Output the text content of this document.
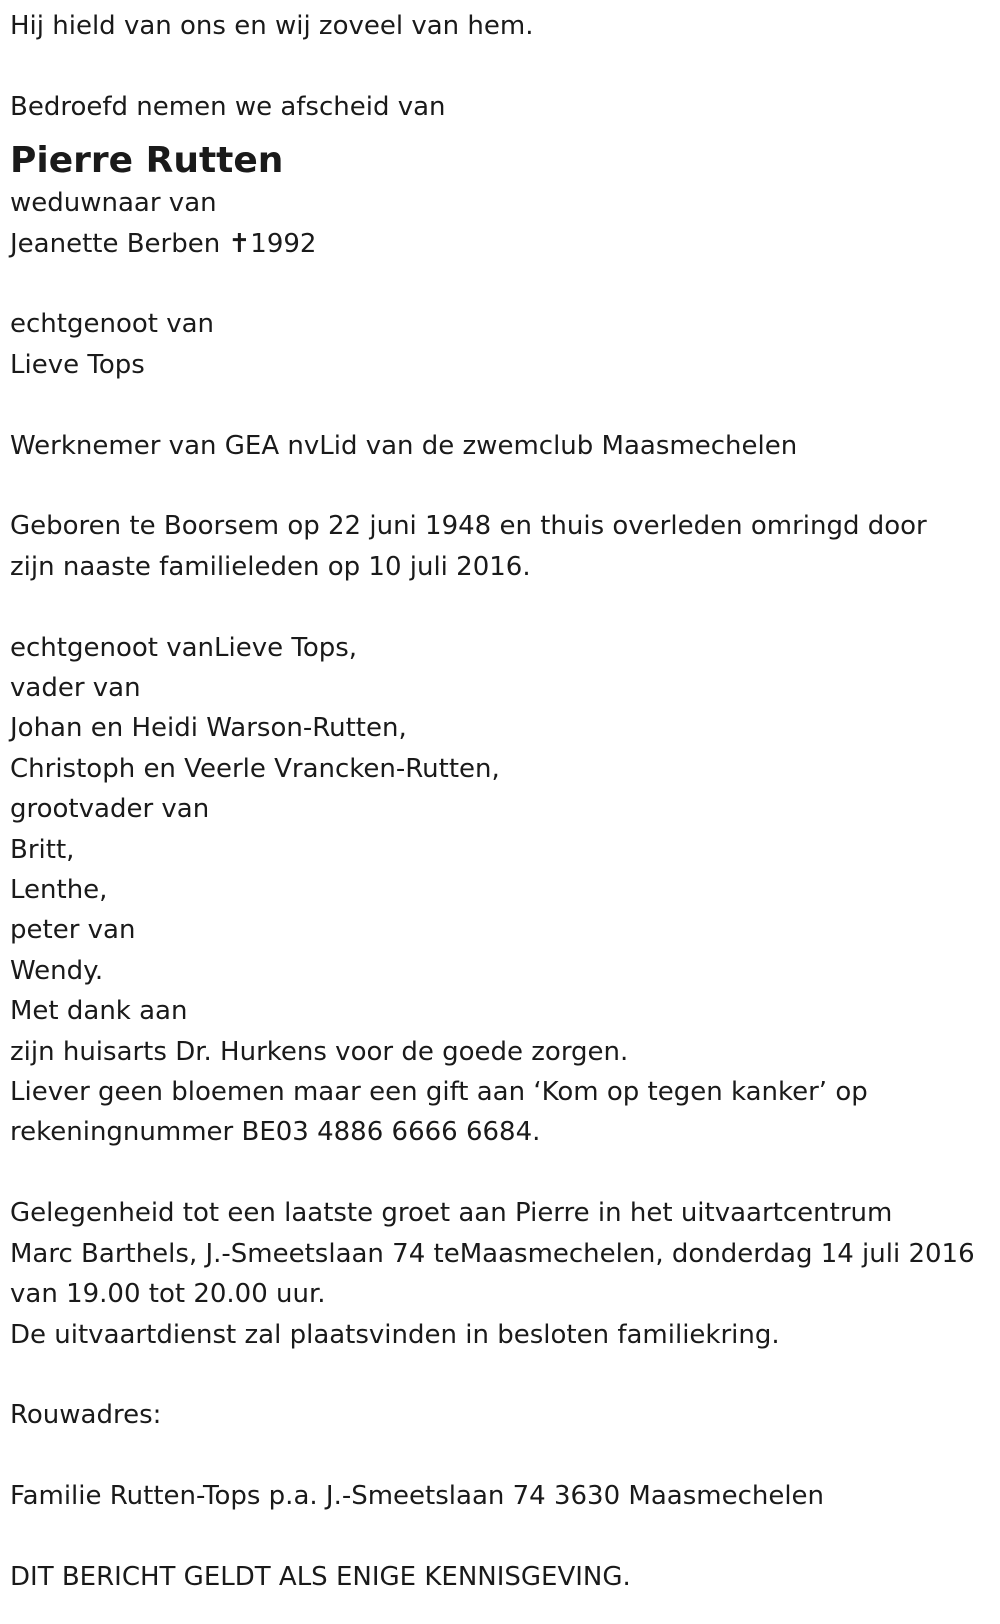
Hij hield van ons en wij zoveel van hem.
Bedroefd nemen we afscheid van
Pierre Rutten
weduwnaar van
Jeanette Berben ✝1992
echtgenoot van
Lieve Tops
Werknemer van GEA nvLid van de zwemclub Maasmechelen
Geboren te Boorsem op 22 juni 1948 en thuis overleden omringd door
zijn naaste familieleden op 10 juli 2016.
echtgenoot vanLieve Tops,
vader van
Johan en Heidi Warson-Rutten,
Christoph en Veerle Vrancken-Rutten,
grootvader van
Britt,
Lenthe,
peter van
Wendy.
Met dank aan
zijn huisarts Dr. Hurkens voor de goede zorgen.
Liever geen bloemen maar een gift aan ‘Kom op tegen kanker’ op
rekeningnummer BE03 4886 6666 6684.
Gelegenheid tot een laatste groet aan Pierre in het uitvaartcentrum
Marc Barthels, J.-Smeetslaan 74 teMaasmechelen, donderdag 14 juli 2016
van 19.00 tot 20.00 uur.
De uitvaartdienst zal plaatsvinden in besloten familiekring.
Rouwadres:
Familie Rutten-Tops p.a. J.-Smeetslaan 74 3630 Maasmechelen
DIT BERICHT GELDT ALS ENIGE KENNISGEVING.
